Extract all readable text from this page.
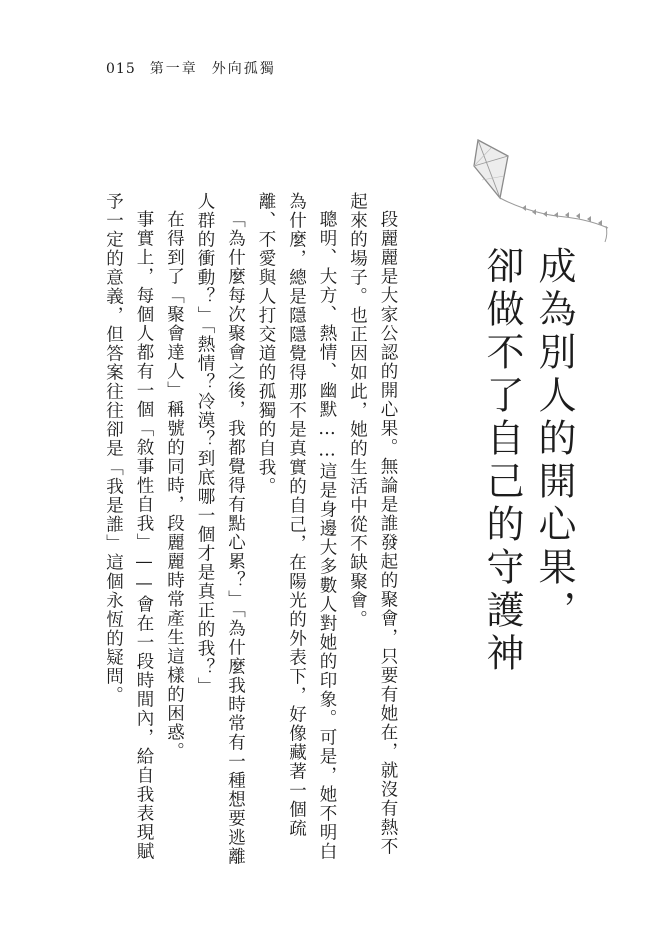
015 第一章 外向孤獨
成為別人的開心果，
卻做不了自己的守護神

段麗麗是大家公認的開心果。無論是誰發起的聚會，只要有她在，就沒有熱不起來的場子。也正因如此，她的生活中從不缺聚會。

聰明、大方、熱情、幽默……這是身邊大多數人對她的印象。可是，她不明白為什麼，總是隱隱覺得那不是真實的自己，在陽光的外表下，好像藏著一個疏離、不愛與人打交道的孤獨的自我。

「為什麼每次聚會之後，我都覺得有點心累？」「為什麼我時常有一種想要逃離人群的衝動？」「熱情？冷漠？到底哪一個才是真正的我？」

在得到了「聚會達人」稱號的同時，段麗麗時常產生這樣的困惑。

事實上，每個人都有一個「敘事性自我」——會在一段時間內，給自我表現賦予一定的意義，但答案往往卻是「我是誰」這個永恆的疑問。
